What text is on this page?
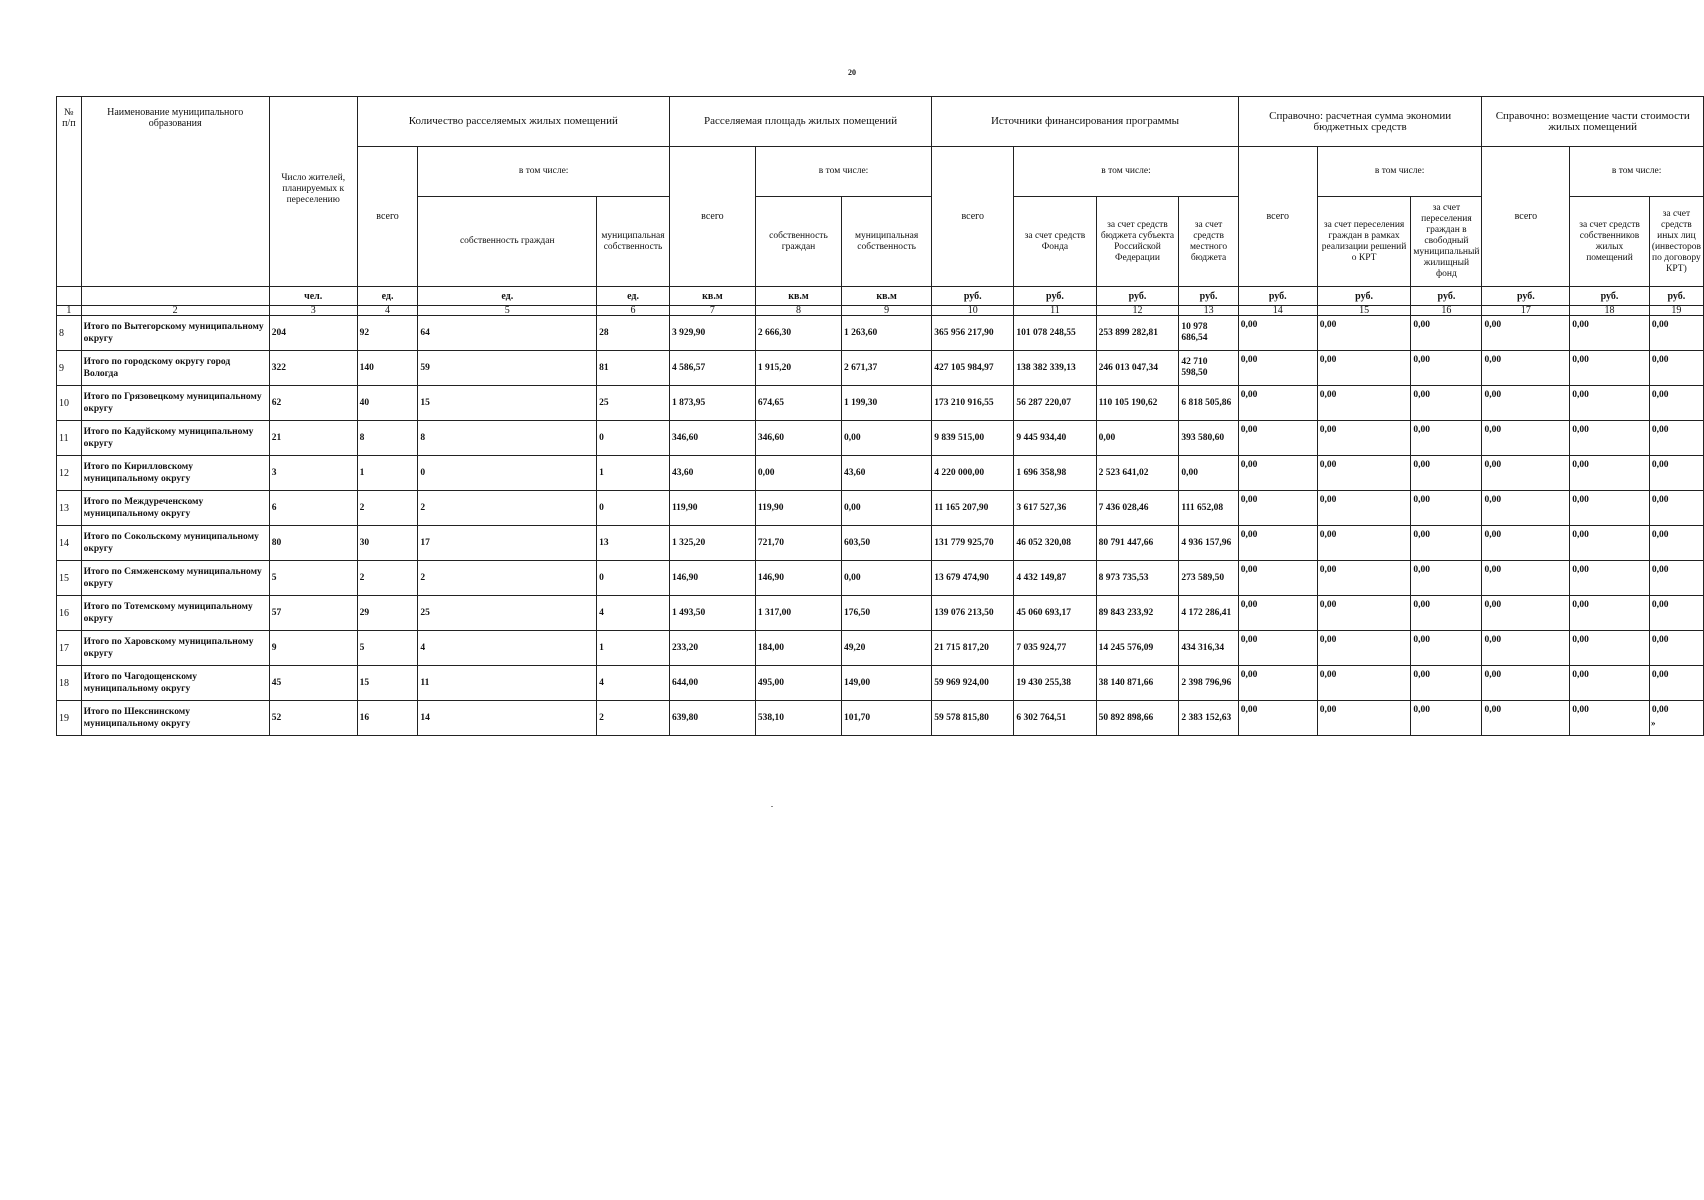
20
№ п/п	Наименование муниципального образования	Число жителей, планируемых к переселению	Количество расселяемых жилых помещений			Расселяемая площадь жилых помещений			Источники финансирования программы				Справочно: расчетная сумма экономии бюджетных средств			Справочно: возмещение части стоимости жилых помещений		
			всего	в том числе:		всего	в том числе:		всего	в том числе:			всего	в том числе:		всего	в том числе:	
				собственность граждан	муниципальная собственность		собственность граждан	муниципальная собственность		за счет средств Фонда	за счет средств бюджета субъекта Российской Федерации	за счет средств местного бюджета		за счет переселения граждан в рамках реализации решений о КРТ	за счет переселения граждан в свободный муниципальный жилищный фонд		за счет средств собственников жилых помещений	за счет средств иных лиц (инвесторов по договору КРТ)
		чел.	ед.	ед.	ед.	кв.м	кв.м	кв.м	руб.	руб.	руб.	руб.	руб.	руб.	руб.	руб.	руб.	руб.
1	2	3	4	5	6	7	8	9	10	11	12	13	14	15	16	17	18	19
8	Итого по Вытегорскому муниципальному округу	204	92	64	28	3 929,90	2 666,30	1 263,60	365 956 217,90	101 078 248,55	253 899 282,81	10 978 686,54	0,00	0,00	0,00	0,00	0,00	0,00
9	Итого по городскому округу город Вологда	322	140	59	81	4 586,57	1 915,20	2 671,37	427 105 984,97	138 382 339,13	246 013 047,34	42 710 598,50	0,00	0,00	0,00	0,00	0,00	0,00
10	Итого по Грязовецкому муниципальному округу	62	40	15	25	1 873,95	674,65	1 199,30	173 210 916,55	56 287 220,07	110 105 190,62	6 818 505,86	0,00	0,00	0,00	0,00	0,00	0,00
11	Итого по Кадуйскому муниципальному округу	21	8	8	0	346,60	346,60	0,00	9 839 515,00	9 445 934,40	0,00	393 580,60	0,00	0,00	0,00	0,00	0,00	0,00
12	Итого по Кирилловскому муниципальному округу	3	1	0	1	43,60	0,00	43,60	4 220 000,00	1 696 358,98	2 523 641,02	0,00	0,00	0,00	0,00	0,00	0,00	0,00
13	Итого по Междуреченскому муниципальному округу	6	2	2	0	119,90	119,90	0,00	11 165 207,90	3 617 527,36	7 436 028,46	111 652,08	0,00	0,00	0,00	0,00	0,00	0,00
14	Итого по Сокольскому муниципальному округу	80	30	17	13	1 325,20	721,70	603,50	131 779 925,70	46 052 320,08	80 791 447,66	4 936 157,96	0,00	0,00	0,00	0,00	0,00	0,00
15	Итого по Сямженскому муниципальному округу	5	2	2	0	146,90	146,90	0,00	13 679 474,90	4 432 149,87	8 973 735,53	273 589,50	0,00	0,00	0,00	0,00	0,00	0,00
16	Итого по Тотемскому муниципальному округу	57	29	25	4	1 493,50	1 317,00	176,50	139 076 213,50	45 060 693,17	89 843 233,92	4 172 286,41	0,00	0,00	0,00	0,00	0,00	0,00
17	Итого по Харовскому муниципальному округу	9	5	4	1	233,20	184,00	49,20	21 715 817,20	7 035 924,77	14 245 576,09	434 316,34	0,00	0,00	0,00	0,00	0,00	0,00
18	Итого по Чагодощенскому муниципальному округу	45	15	11	4	644,00	495,00	149,00	59 969 924,00	19 430 255,38	38 140 871,66	2 398 796,96	0,00	0,00	0,00	0,00	0,00	0,00
19	Итого по Шекснинскому муниципальному округу	52	16	14	2	639,80	538,10	101,70	59 578 815,80	6 302 764,51	50 892 898,66	2 383 152,63	0,00	0,00	0,00	0,00	0,00	0,00
»
